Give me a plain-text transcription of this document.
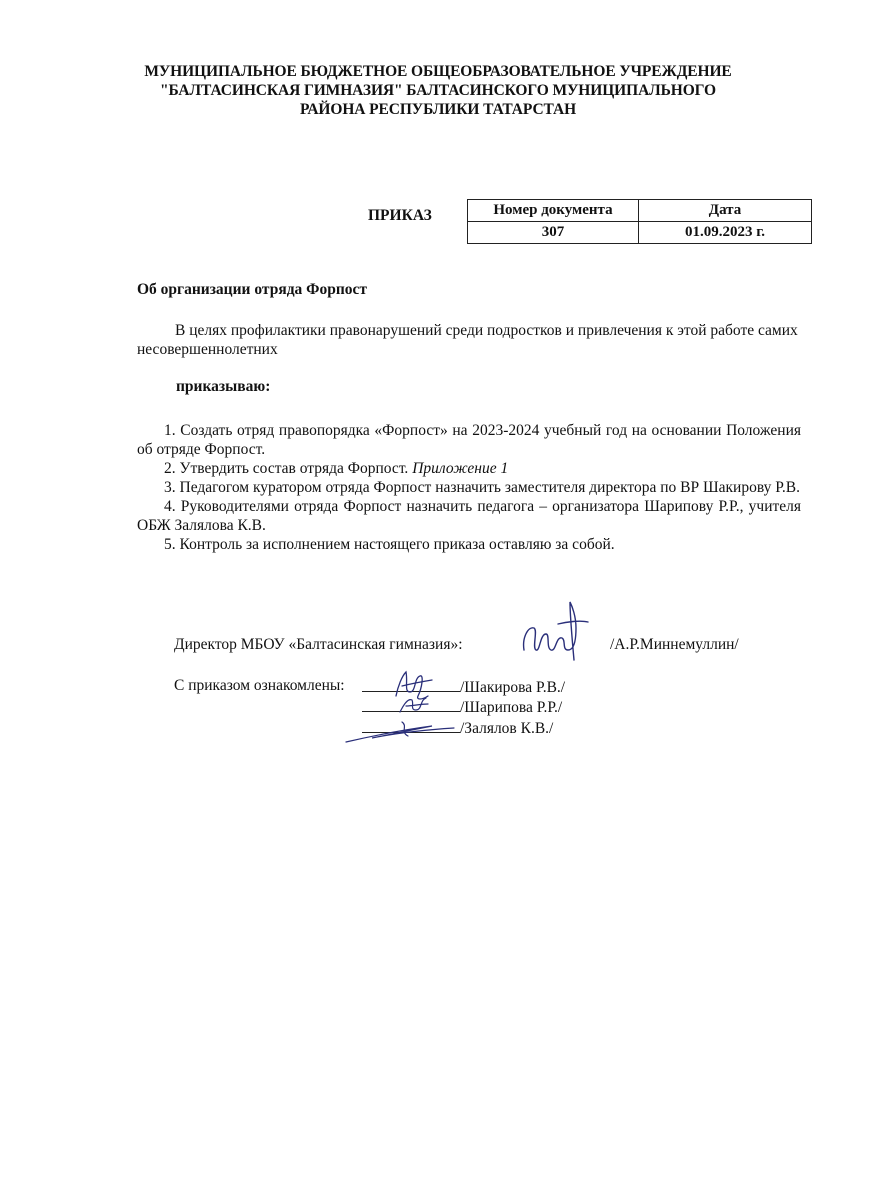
МУНИЦИПАЛЬНОЕ БЮДЖЕТНОЕ ОБЩЕОБРАЗОВАТЕЛЬНОЕ УЧРЕЖДЕНИЕ
"БАЛТАСИНСКАЯ ГИМНАЗИЯ" БАЛТАСИНСКОГО МУНИЦИПАЛЬНОГО
РАЙОНА РЕСПУБЛИКИ ТАТАРСТАН
ПРИКАЗ	Номер документа	Дата
307	01.09.2023 г.
Об организации отряда Форпост
В целях профилактики правонарушений среди подростков и привлечения к этой работе самих несовершеннолетних
приказываю:
1. Создать отряд правопорядка «Форпост» на 2023-2024 учебный год на основании Положения об отряде Форпост.
2. Утвердить состав отряда Форпост. Приложение 1
3. Педагогом куратором отряда Форпост назначить заместителя директора по ВР Шакирову Р.В.
4. Руководителями отряда Форпост назначить педагога – организатора Шарипову Р.Р., учителя ОБЖ Залялова К.В.
5. Контроль за исполнением настоящего приказа оставляю за собой.
Директор МБОУ «Балтасинская гимназия»:	/А.Р.Миннемуллин/
С приказом ознакомлены:	/Шакирова Р.В./
/Шарипова Р.Р./
/Залялов К.В./
